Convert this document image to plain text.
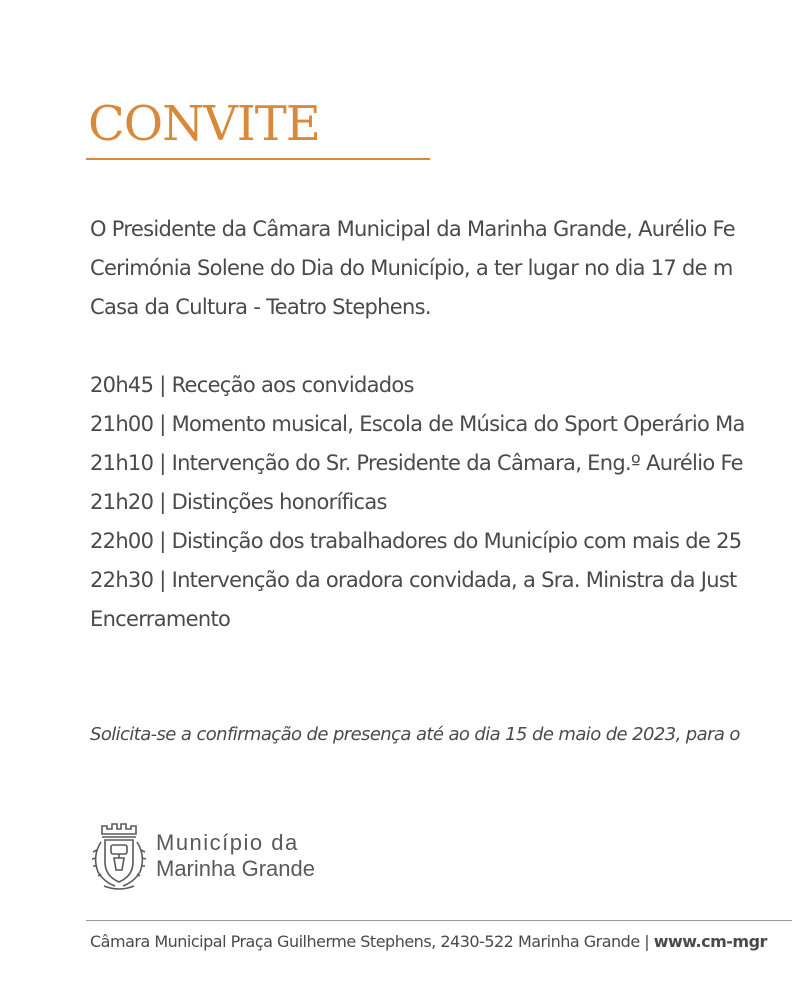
CONVITE

O Presidente da Câmara Municipal da Marinha Grande, Aurélio Fe
Cerimónia Solene do Dia do Município, a ter lugar no dia 17 de m
Casa da Cultura - Teatro Stephens.

20h45 | Receção aos convidados
21h00 | Momento musical, Escola de Música do Sport Operário Ma
21h10 | Intervenção do Sr. Presidente da Câmara, Eng.º Aurélio Fe
21h20 | Distinções honoríficas
22h00 | Distinção dos trabalhadores do Município com mais de 25
22h30 | Intervenção da oradora convidada, a Sra. Ministra da Just
Encerramento

Solicita-se a confirmação de presença até ao dia 15 de maio de 2023, para o

Município da
Marinha Grande

Câmara Municipal Praça Guilherme Stephens, 2430-522 Marinha Grande | www.cm-mgr
